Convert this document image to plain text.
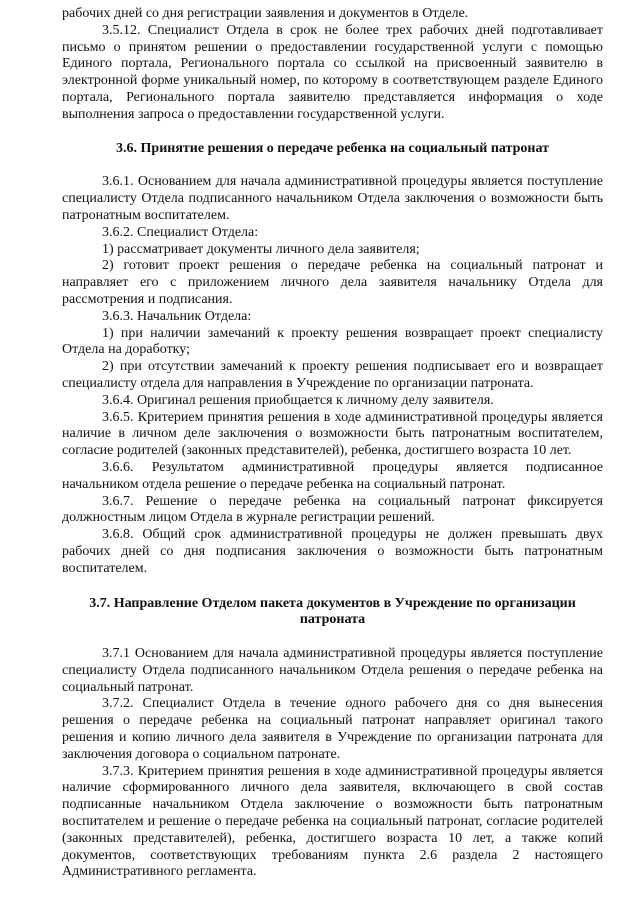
рабочих дней со дня регистрации заявления и документов в Отделе.

3.5.12. Специалист Отдела в срок не более трех рабочих дней подготавливает письмо о принятом решении о предоставлении государственной услуги с помощью Единого портала, Регионального портала со ссылкой на присвоенный заявителю в электронной форме уникальный номер, по которому в соответствующем разделе Единого портала, Регионального портала заявителю представляется информация о ходе выполнения запроса о предоставлении государственной услуги.

3.6. Принятие решения о передаче ребенка на социальный патронат

3.6.1. Основанием для начала административной процедуры является поступление специалисту Отдела подписанного начальником Отдела заключения о возможности быть патронатным воспитателем.

3.6.2. Специалист Отдела:

1) рассматривает документы личного дела заявителя;

2) готовит проект решения о передаче ребенка на социальный патронат и направляет его с приложением личного дела заявителя начальнику Отдела для рассмотрения и подписания.

3.6.3. Начальник Отдела:

1) при наличии замечаний к проекту решения возвращает проект специалисту Отдела на доработку;

2) при отсутствии замечаний к проекту решения подписывает его и возвращает специалисту отдела для направления в Учреждение по организации патроната.

3.6.4. Оригинал решения приобщается к личному делу заявителя.

3.6.5. Критерием принятия решения в ходе административной процедуры является наличие в личном деле заключения о возможности быть патронатным воспитателем, согласие родителей (законных представителей), ребенка, достигшего возраста 10 лет.

3.6.6. Результатом административной процедуры является подписанное начальником отдела решение о передаче ребенка на социальный патронат.

3.6.7. Решение о передаче ребенка на социальный патронат фиксируется должностным лицом Отдела в журнале регистрации решений.

3.6.8. Общий срок административной процедуры не должен превышать двух рабочих дней со дня подписания заключения о возможности быть патронатным воспитателем.

3.7. Направление Отделом пакета документов в Учреждение по организации
патроната

3.7.1 Основанием для начала административной процедуры является поступление специалисту Отдела подписанного начальником Отдела решения о передаче ребенка на социальный патронат.

3.7.2. Специалист Отдела в течение одного рабочего дня со дня вынесения решения о передаче ребенка на социальный патронат направляет оригинал такого решения и копию личного дела заявителя в Учреждение по организации патроната для заключения договора о социальном патронате.

3.7.3. Критерием принятия решения в ходе административной процедуры является наличие сформированного личного дела заявителя, включающего в свой состав подписанные начальником Отдела заключение о возможности быть патронатным воспитателем и решение о передаче ребенка на социальный патронат, согласие родителей (законных представителей), ребенка, достигшего возраста 10 лет, а также копий документов, соответствующих требованиям пункта 2.6 раздела 2 настоящего Административного регламента.
